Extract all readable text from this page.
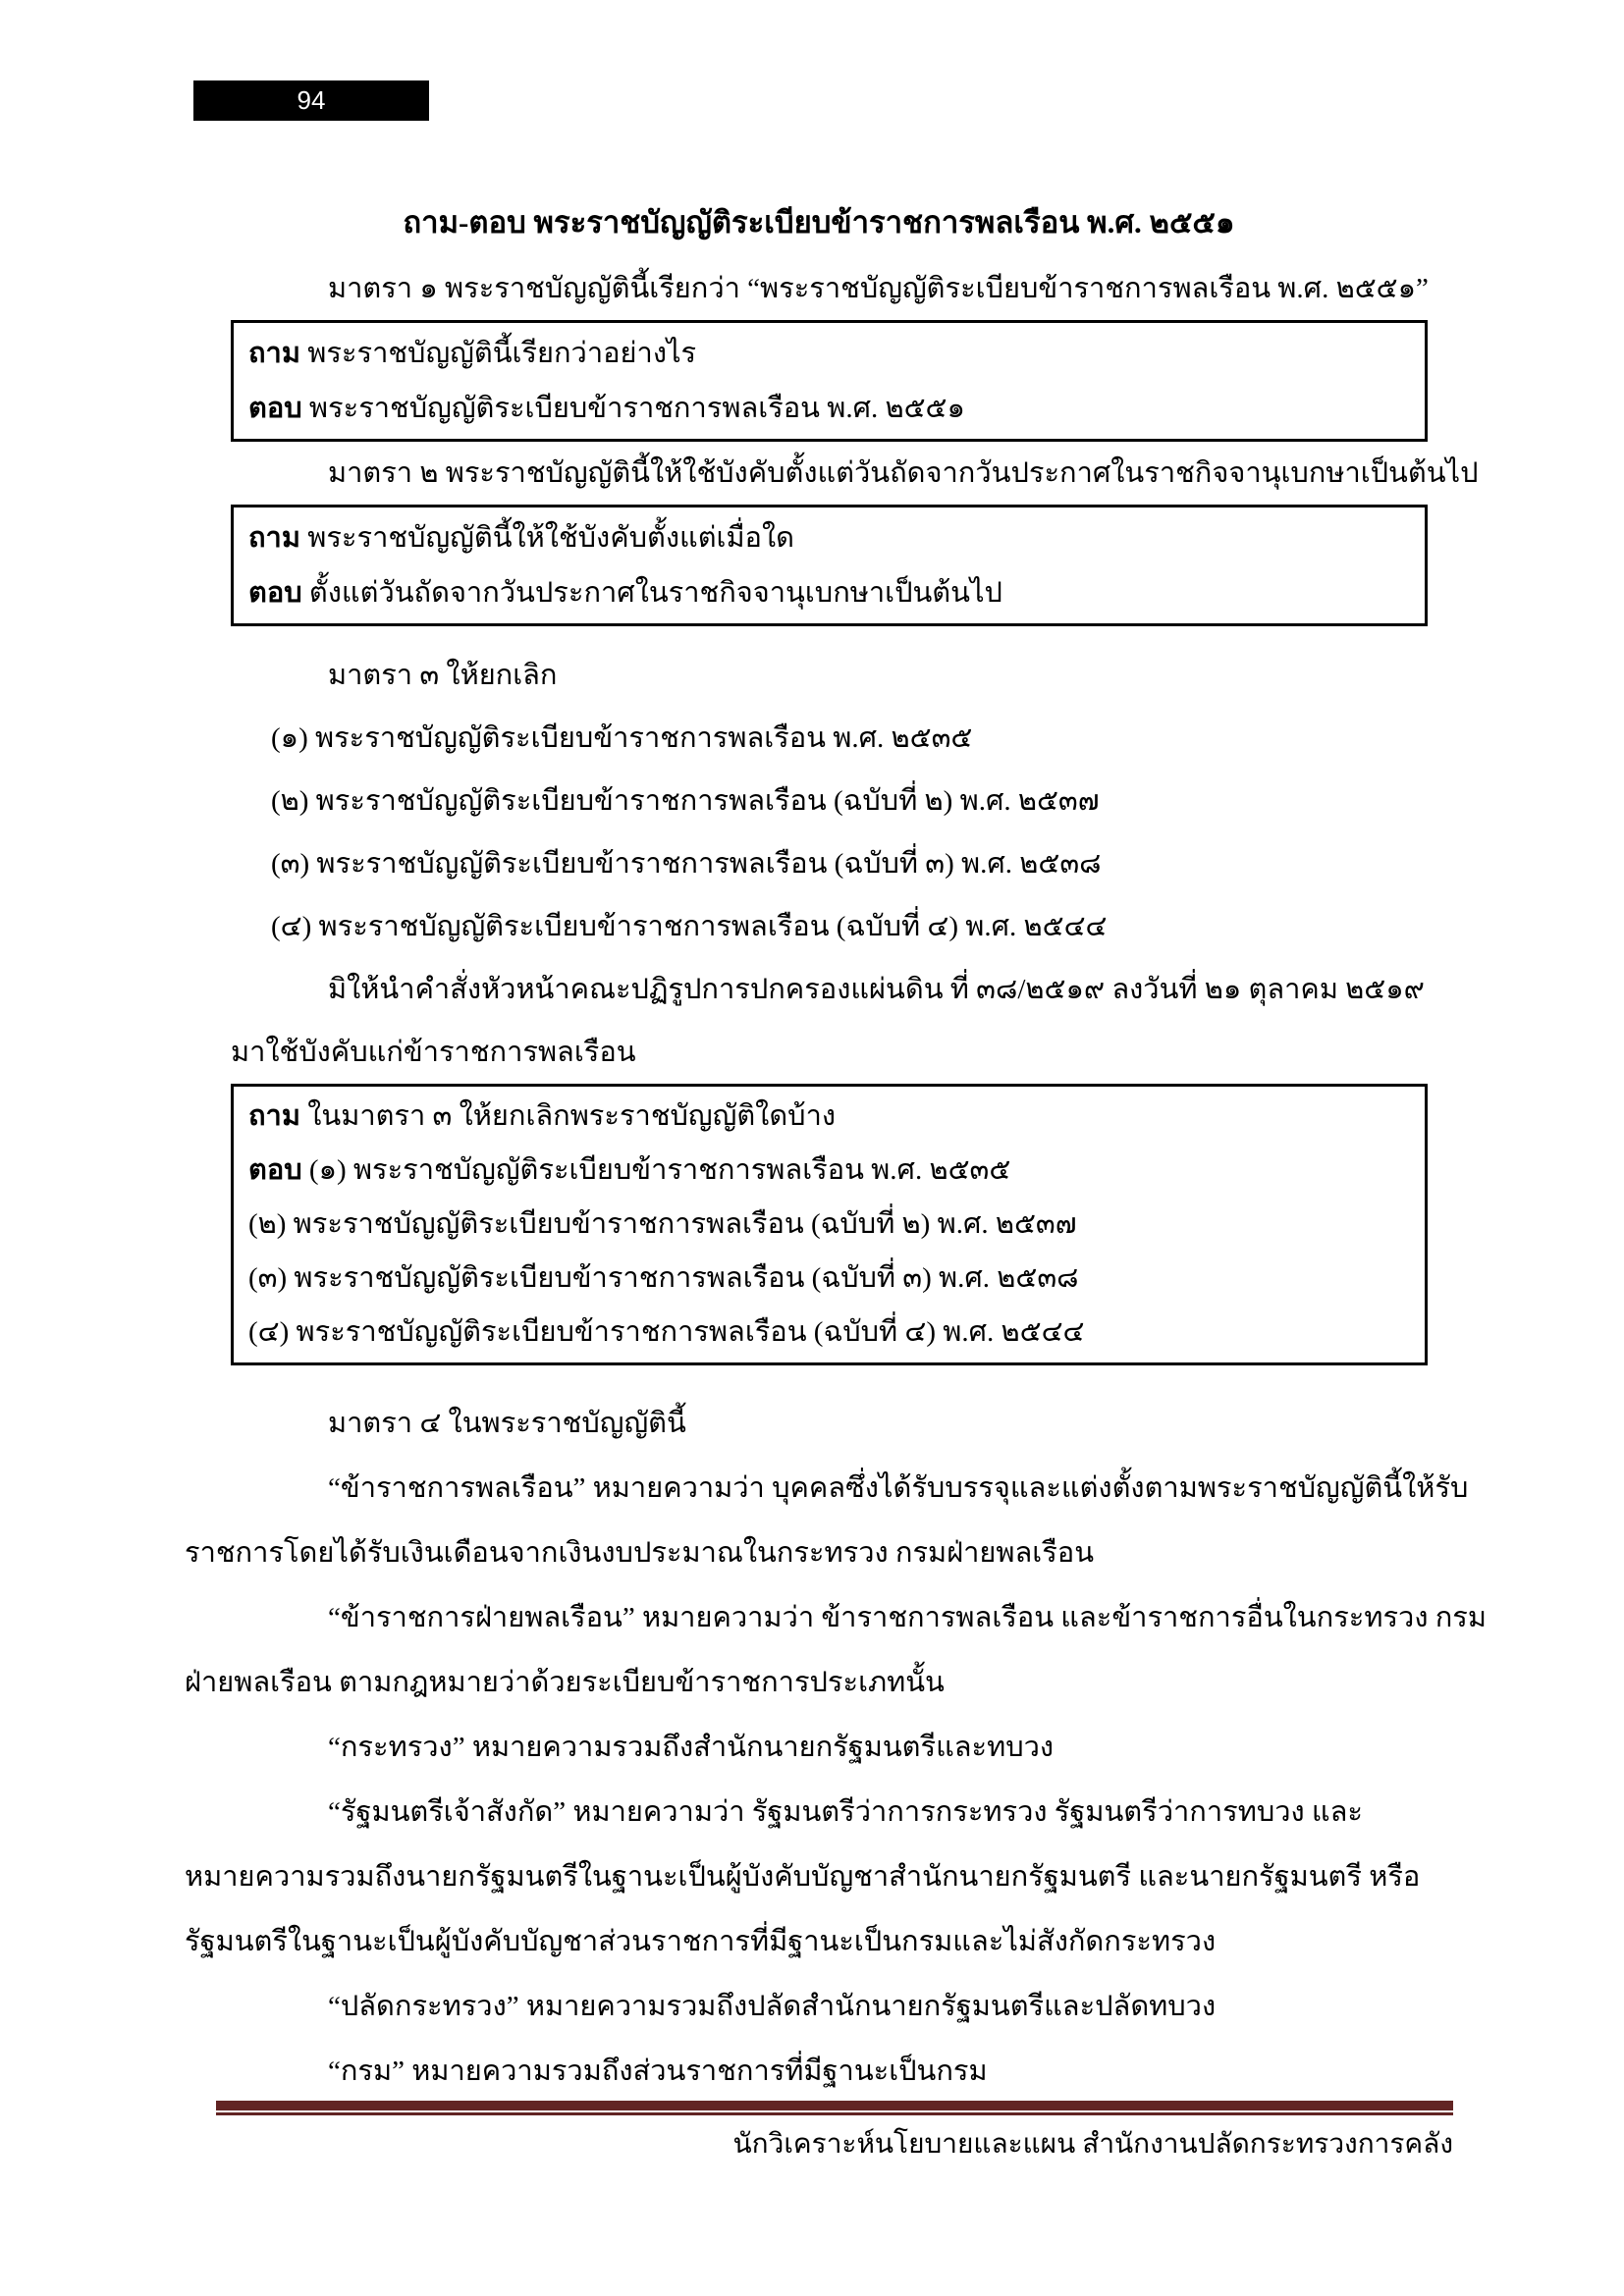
94
ถาม-ตอบ พระราชบัญญัติระเบียบข้าราชการพลเรือน พ.ศ. ๒๕๕๑
มาตรา ๑ พระราชบัญญัตินี้เรียกว่า “พระราชบัญญัติระเบียบข้าราชการพลเรือน พ.ศ. ๒๕๕๑”
ถาม พระราชบัญญัตินี้เรียกว่าอย่างไร
ตอบ พระราชบัญญัติระเบียบข้าราชการพลเรือน พ.ศ. ๒๕๕๑
มาตรา ๒ พระราชบัญญัตินี้ให้ใช้บังคับตั้งแต่วันถัดจากวันประกาศในราชกิจจานุเบกษาเป็นต้นไป
ถาม พระราชบัญญัตินี้ให้ใช้บังคับตั้งแต่เมื่อใด
ตอบ ตั้งแต่วันถัดจากวันประกาศในราชกิจจานุเบกษาเป็นต้นไป
มาตรา ๓ ให้ยกเลิก
(๑) พระราชบัญญัติระเบียบข้าราชการพลเรือน พ.ศ. ๒๕๓๕
(๒) พระราชบัญญัติระเบียบข้าราชการพลเรือน (ฉบับที่ ๒) พ.ศ. ๒๕๓๗
(๓) พระราชบัญญัติระเบียบข้าราชการพลเรือน (ฉบับที่ ๓) พ.ศ. ๒๕๓๘
(๔) พระราชบัญญัติระเบียบข้าราชการพลเรือน (ฉบับที่ ๔) พ.ศ. ๒๕๔๔
มิให้นำคำสั่งหัวหน้าคณะปฏิรูปการปกครองแผ่นดิน ที่ ๓๘/๒๕๑๙ ลงวันที่ ๒๑ ตุลาคม ๒๕๑๙
มาใช้บังคับแก่ข้าราชการพลเรือน
ถาม ในมาตรา ๓ ให้ยกเลิกพระราชบัญญัติใดบ้าง
ตอบ (๑) พระราชบัญญัติระเบียบข้าราชการพลเรือน พ.ศ. ๒๕๓๕
(๒) พระราชบัญญัติระเบียบข้าราชการพลเรือน (ฉบับที่ ๒) พ.ศ. ๒๕๓๗
(๓) พระราชบัญญัติระเบียบข้าราชการพลเรือน (ฉบับที่ ๓) พ.ศ. ๒๕๓๘
(๔) พระราชบัญญัติระเบียบข้าราชการพลเรือน (ฉบับที่ ๔) พ.ศ. ๒๕๔๔
มาตรา ๔ ในพระราชบัญญัตินี้
“ข้าราชการพลเรือน” หมายความว่า บุคคลซึ่งได้รับบรรจุและแต่งตั้งตามพระราชบัญญัตินี้ให้รับ
ราชการโดยได้รับเงินเดือนจากเงินงบประมาณในกระทรวง กรมฝ่ายพลเรือน
“ข้าราชการฝ่ายพลเรือน” หมายความว่า ข้าราชการพลเรือน และข้าราชการอื่นในกระทรวง กรม
ฝ่ายพลเรือน ตามกฎหมายว่าด้วยระเบียบข้าราชการประเภทนั้น
“กระทรวง” หมายความรวมถึงสำนักนายกรัฐมนตรีและทบวง
“รัฐมนตรีเจ้าสังกัด” หมายความว่า รัฐมนตรีว่าการกระทรวง รัฐมนตรีว่าการทบวง และ
หมายความรวมถึงนายกรัฐมนตรีในฐานะเป็นผู้บังคับบัญชาสำนักนายกรัฐมนตรี และนายกรัฐมนตรี หรือ
รัฐมนตรีในฐานะเป็นผู้บังคับบัญชาส่วนราชการที่มีฐานะเป็นกรมและไม่สังกัดกระทรวง
“ปลัดกระทรวง” หมายความรวมถึงปลัดสำนักนายกรัฐมนตรีและปลัดทบวง
“กรม” หมายความรวมถึงส่วนราชการที่มีฐานะเป็นกรม
นักวิเคราะห์นโยบายและแผน สำนักงานปลัดกระทรวงการคลัง
